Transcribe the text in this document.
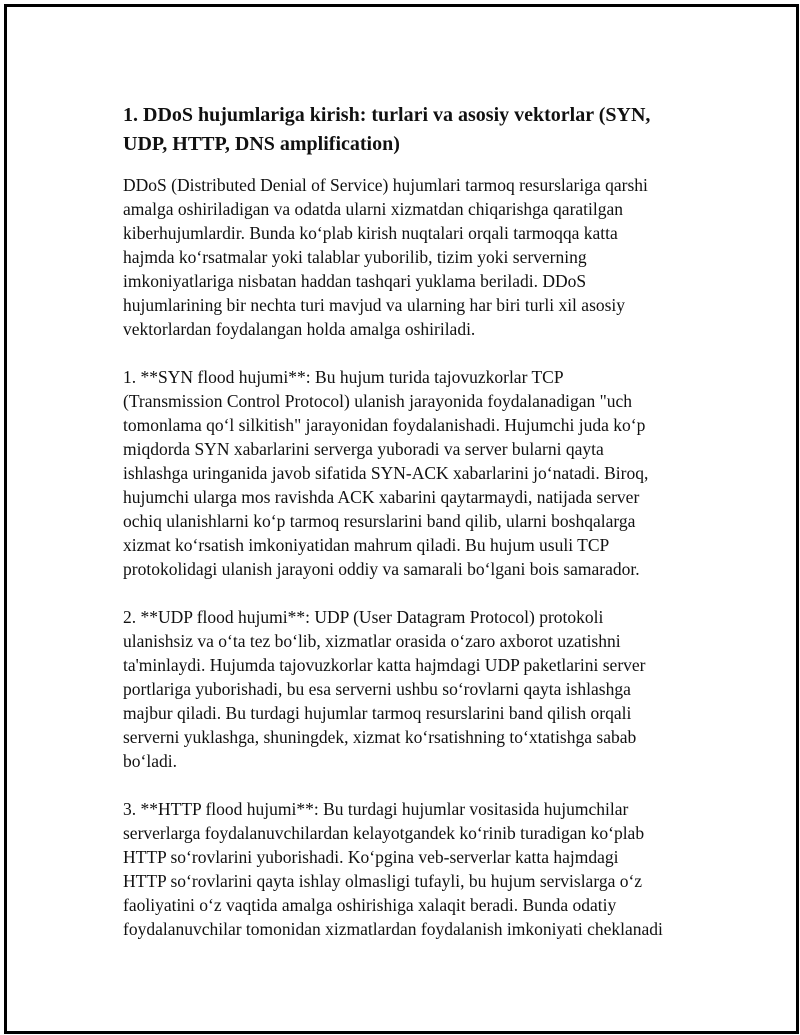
1. DDoS hujumlariga kirish: turlari va asosiy vektorlar (SYN,
UDP, HTTP, DNS amplification)

DDoS (Distributed Denial of Service) hujumlari tarmoq resurslariga qarshi
amalga oshiriladigan va odatda ularni xizmatdan chiqarishga qaratilgan
kiberhujumlardir. Bunda koʻplab kirish nuqtalari orqali tarmoqqa katta
hajmda koʻrsatmalar yoki talablar yuborilib, tizim yoki serverning
imkoniyatlariga nisbatan haddan tashqari yuklama beriladi. DDoS
hujumlarining bir nechta turi mavjud va ularning har biri turli xil asosiy
vektorlardan foydalangan holda amalga oshiriladi.

1. **SYN flood hujumi**: Bu hujum turida tajovuzkorlar TCP
(Transmission Control Protocol) ulanish jarayonida foydalanadigan "uch
tomonlama qoʻl silkitish" jarayonidan foydalanishadi. Hujumchi juda koʻp
miqdorda SYN xabarlarini serverga yuboradi va server bularni qayta
ishlashga uringanida javob sifatida SYN-ACK xabarlarini joʻnatadi. Biroq,
hujumchi ularga mos ravishda ACK xabarini qaytarmaydi, natijada server
ochiq ulanishlarni koʻp tarmoq resurslarini band qilib, ularni boshqalarga
xizmat koʻrsatish imkoniyatidan mahrum qiladi. Bu hujum usuli TCP
protokolidagi ulanish jarayoni oddiy va samarali boʻlgani bois samarador.

2. **UDP flood hujumi**: UDP (User Datagram Protocol) protokoli
ulanishsiz va oʻta tez boʻlib, xizmatlar orasida oʻzaro axborot uzatishni
ta'minlaydi. Hujumda tajovuzkorlar katta hajmdagi UDP paketlarini server
portlariga yuborishadi, bu esa serverni ushbu soʻrovlarni qayta ishlashga
majbur qiladi. Bu turdagi hujumlar tarmoq resurslarini band qilish orqali
serverni yuklashga, shuningdek, xizmat koʻrsatishning toʻxtatishga sabab
boʻladi.

3. **HTTP flood hujumi**: Bu turdagi hujumlar vositasida hujumchilar
serverlarga foydalanuvchilardan kelayotgandek koʻrinib turadigan koʻplab
HTTP soʻrovlarini yuborishadi. Koʻpgina veb-serverlar katta hajmdagi
HTTP soʻrovlarini qayta ishlay olmasligi tufayli, bu hujum servislarga oʻz
faoliyatini oʻz vaqtida amalga oshirishiga xalaqit beradi. Bunda odatiy
foydalanuvchilar tomonidan xizmatlardan foydalanish imkoniyati cheklanadi
